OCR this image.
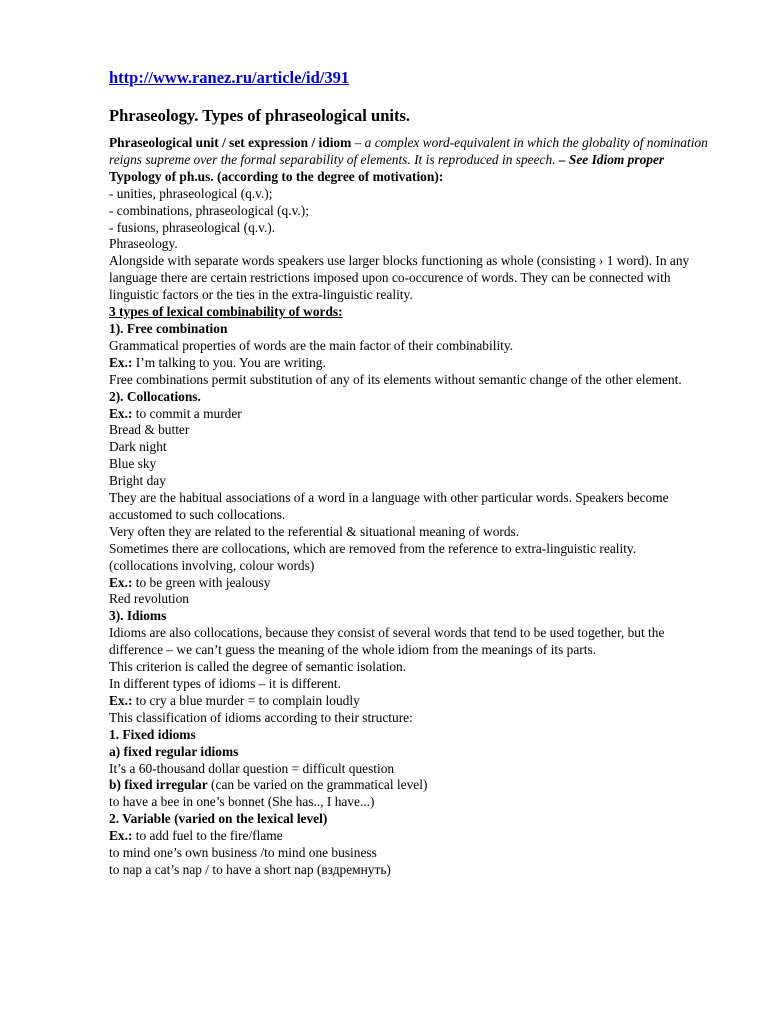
http://www.ranez.ru/article/id/391
Phraseology. Types of phraseological units.

Phraseological unit / set expression / idiom – a complex word-equivalent in which the globality of nomination reigns supreme over the formal separability of elements. It is reproduced in speech. – See Idiom proper

Typology of ph.us. (according to the degree of motivation):

- unities, phraseological (q.v.);

- combinations, phraseological (q.v.);

- fusions, phraseological (q.v.).

Phraseology.

Alongside with separate words speakers use larger blocks functioning as whole (consisting › 1 word). In any language there are certain restrictions imposed upon co-occurence of words. They can be connected with linguistic factors or the ties in the extra-linguistic reality.

3 types of lexical combinability of words:

1). Free combination

Grammatical properties of words are the main factor of their combinability.

Ex.: I’m talking to you. You are writing.

Free combinations permit substitution of any of its elements without semantic change of the other element.

2). Collocations.

Ex.: to commit a murder

Bread & butter

Dark night

Blue sky

Bright day

They are the habitual associations of a word in a language with other particular words. Speakers become accustomed to such collocations.

Very often they are related to the referential & situational meaning of words.

Sometimes there are collocations, which are removed from the reference to extra-linguistic reality.

(collocations involving, colour words)

Ex.: to be green with jealousy

Red revolution

3). Idioms

Idioms are also collocations, because they consist of several words that tend to be used together, but the difference – we can’t guess the meaning of the whole idiom from the meanings of its parts.

This criterion is called the degree of semantic isolation.

In different types of idioms – it is different.

Ex.: to cry a blue murder = to complain loudly

This classification of idioms according to their structure:

1. Fixed idioms

a) fixed regular idioms

It’s a 60-thousand dollar question = difficult question

b) fixed irregular (can be varied on the grammatical level)

to have a bee in one’s bonnet (She has.., I have...)

2. Variable (varied on the lexical level)

Ex.: to add fuel to the fire/flame

to mind one’s own business /to mind one business

to nap a cat’s nap / to have a short nap (вздремнуть)
